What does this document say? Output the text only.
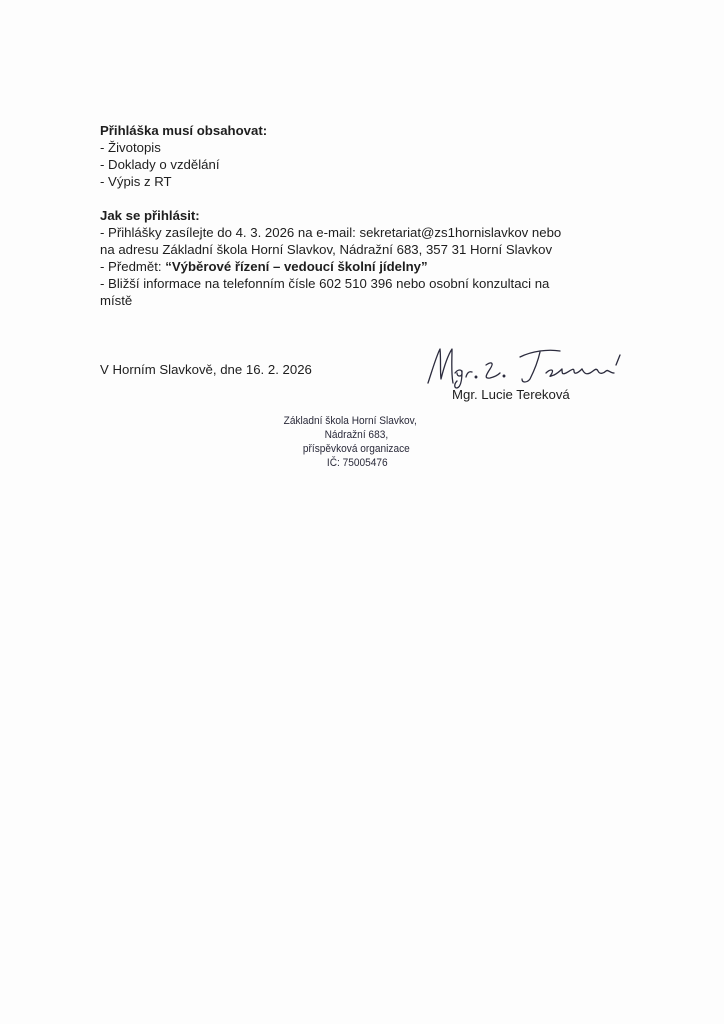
Přihláška musí obsahovat:
- Životopis
- Doklady o vzdělání
- Výpis z RT
Jak se přihlásit:
- Přihlášky zasílejte do 4. 3. 2026 na e-mail: sekretariat@zs1hornislavkov nebo
na adresu Základní škola Horní Slavkov, Nádražní 683, 357 31 Horní Slavkov
- Předmět: “Výběrové řízení – vedoucí školní jídelny”
- Bližší informace na telefonním čísle 602 510 396 nebo osobní konzultaci na
místě
V Horním Slavkově, dne 16. 2. 2026
Mgr. Lucie Tereková
Základní škola Horní Slavkov,
Nádražní 683,
příspěvková organizace
IČ: 75005476
